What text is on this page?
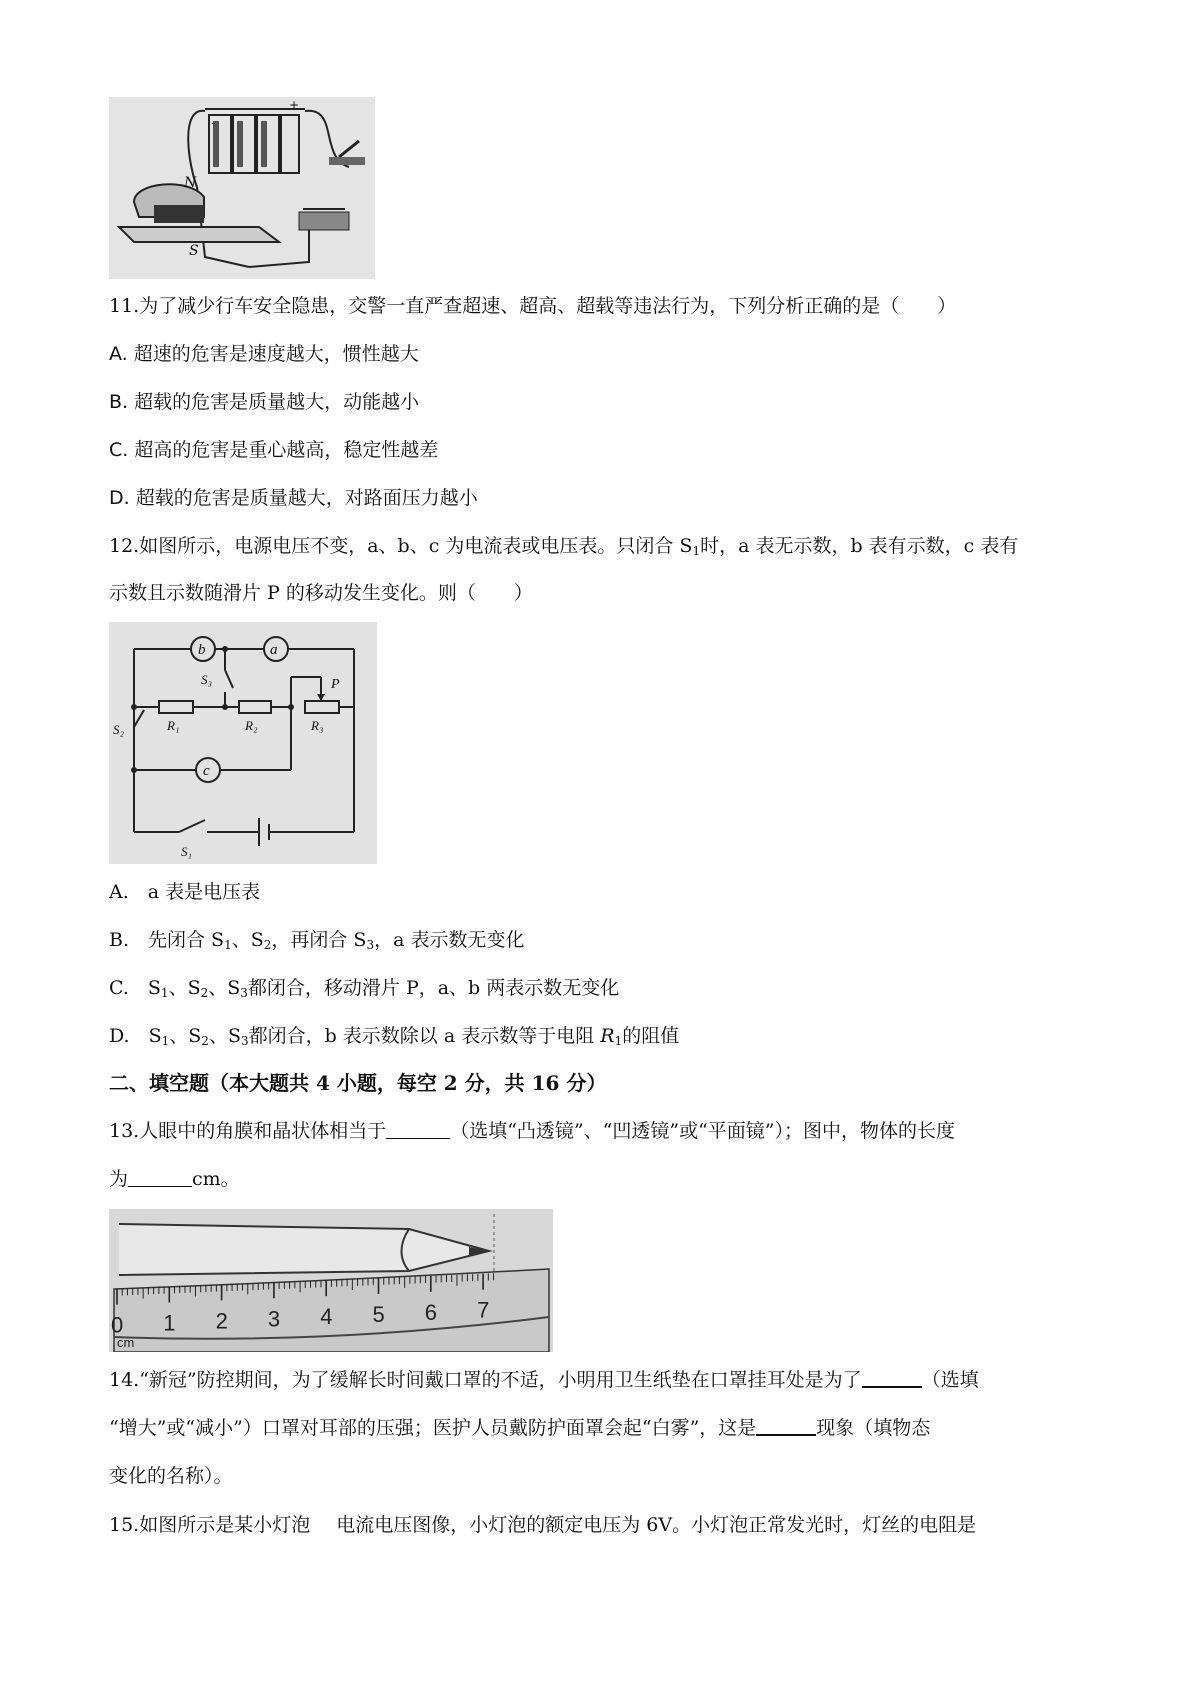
N
S
+
-
11.为了减少行车安全隐患，交警一直严查超速、超高、超载等违法行为，下列分析正确的是（　　）
A. 超速的危害是速度越大，惯性越大
B. 超载的危害是质量越大，动能越小
C. 超高的危害是重心越高，稳定性越差
D. 超载的危害是质量越大，对路面压力越小
12.如图所示，电源电压不变，a、b、c 为电流表或电压表。只闭合 $S_1$时，a 表无示数，b 表有示数，c 表有
示数且示数随滑片 P 的移动发生变化。则（　　）
b	a
c
S₃
S₂
S₁
R₁	R₂	R₃
P
A.　a 表是电压表
B.　先闭合 $S_1$、$S_2$，再闭合 $S_3$，a 表示数无变化
C.　$S_1$、$S_2$、$S_3$都闭合，移动滑片 P，a、b 两表示数无变化
D.　$S_1$、$S_2$、$S_3$都闭合，b 表示数除以 a 表示数等于电阻 $R_1$的阻值
二、填空题（本大题共 4 小题，每空 2 分，共 16 分）
13.人眼中的角膜和晶状体相当于	（选填“凸透镜”、“凹透镜”或“平面镜”）；图中，物体的长度
为	cm。
0 1 2 3 4 5 6 7
cm
14.“新冠”防控期间，为了缓解长时间戴口罩的不适，小明用卫生纸垫在口罩挂耳处是为了	（选填
“增大”或“减小”）口罩对耳部的压强；医护人员戴防护面罩会起“白雾”，这是	现象（填物态
变化的名称）。
15.如图所示是某小灯泡 电流电压图像，小灯泡的额定电压为 6V。小灯泡正常发光时，灯丝的电阻是
